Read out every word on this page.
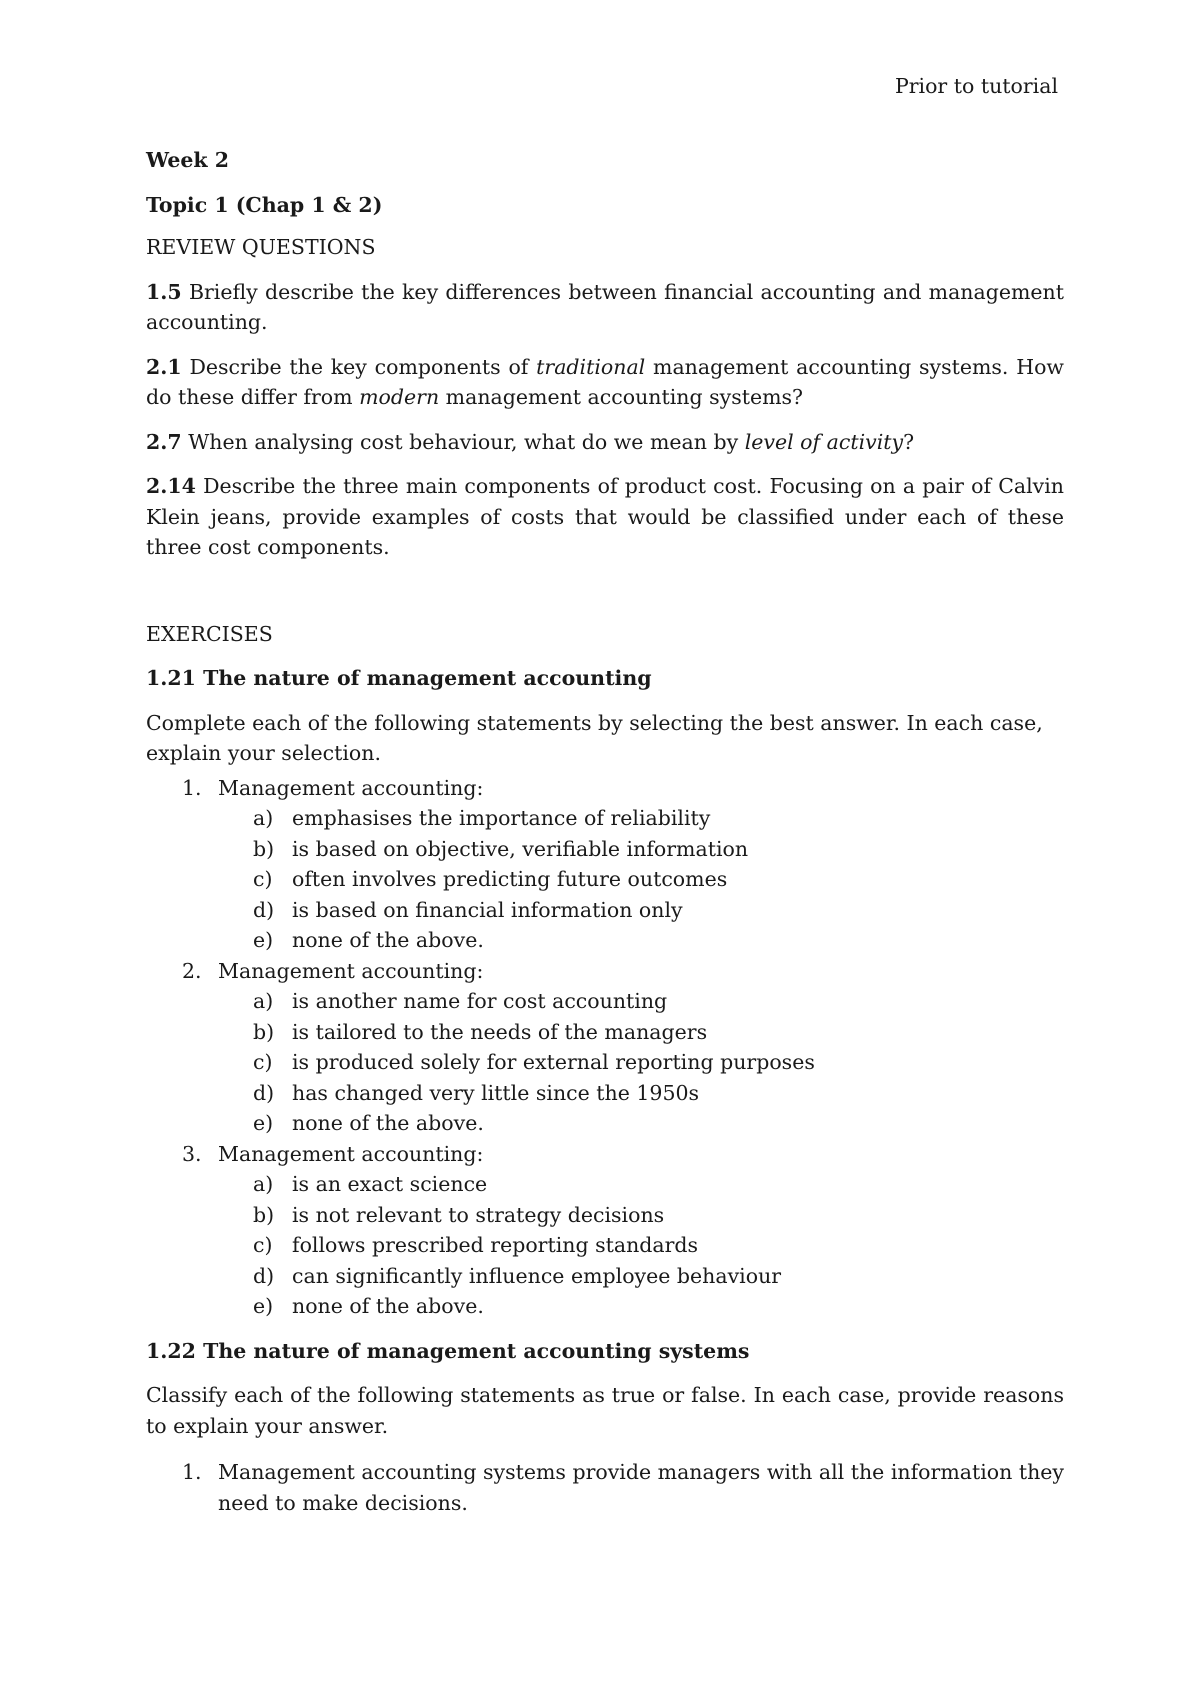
Prior to tutorial

Week 2

Topic 1 (Chap 1 & 2)

REVIEW QUESTIONS

1.5 Briefly describe the key differences between financial accounting and management accounting.

2.1 Describe the key components of traditional management accounting systems. How do these differ from modern management accounting systems?

2.7 When analysing cost behaviour, what do we mean by level of activity?

2.14 Describe the three main components of product cost. Focusing on a pair of Calvin Klein jeans, provide examples of costs that would be classified under each of these three cost components.

EXERCISES

1.21 The nature of management accounting

Complete each of the following statements by selecting the best answer. In each case, explain your selection.

1. Management accounting:
a) emphasises the importance of reliability
b) is based on objective, verifiable information
c) often involves predicting future outcomes
d) is based on financial information only
e) none of the above.
2. Management accounting:
a) is another name for cost accounting
b) is tailored to the needs of the managers
c) is produced solely for external reporting purposes
d) has changed very little since the 1950s
e) none of the above.
3. Management accounting:
a) is an exact science
b) is not relevant to strategy decisions
c) follows prescribed reporting standards
d) can significantly influence employee behaviour
e) none of the above.

1.22 The nature of management accounting systems

Classify each of the following statements as true or false. In each case, provide reasons to explain your answer.

1. Management accounting systems provide managers with all the information they need to make decisions.
